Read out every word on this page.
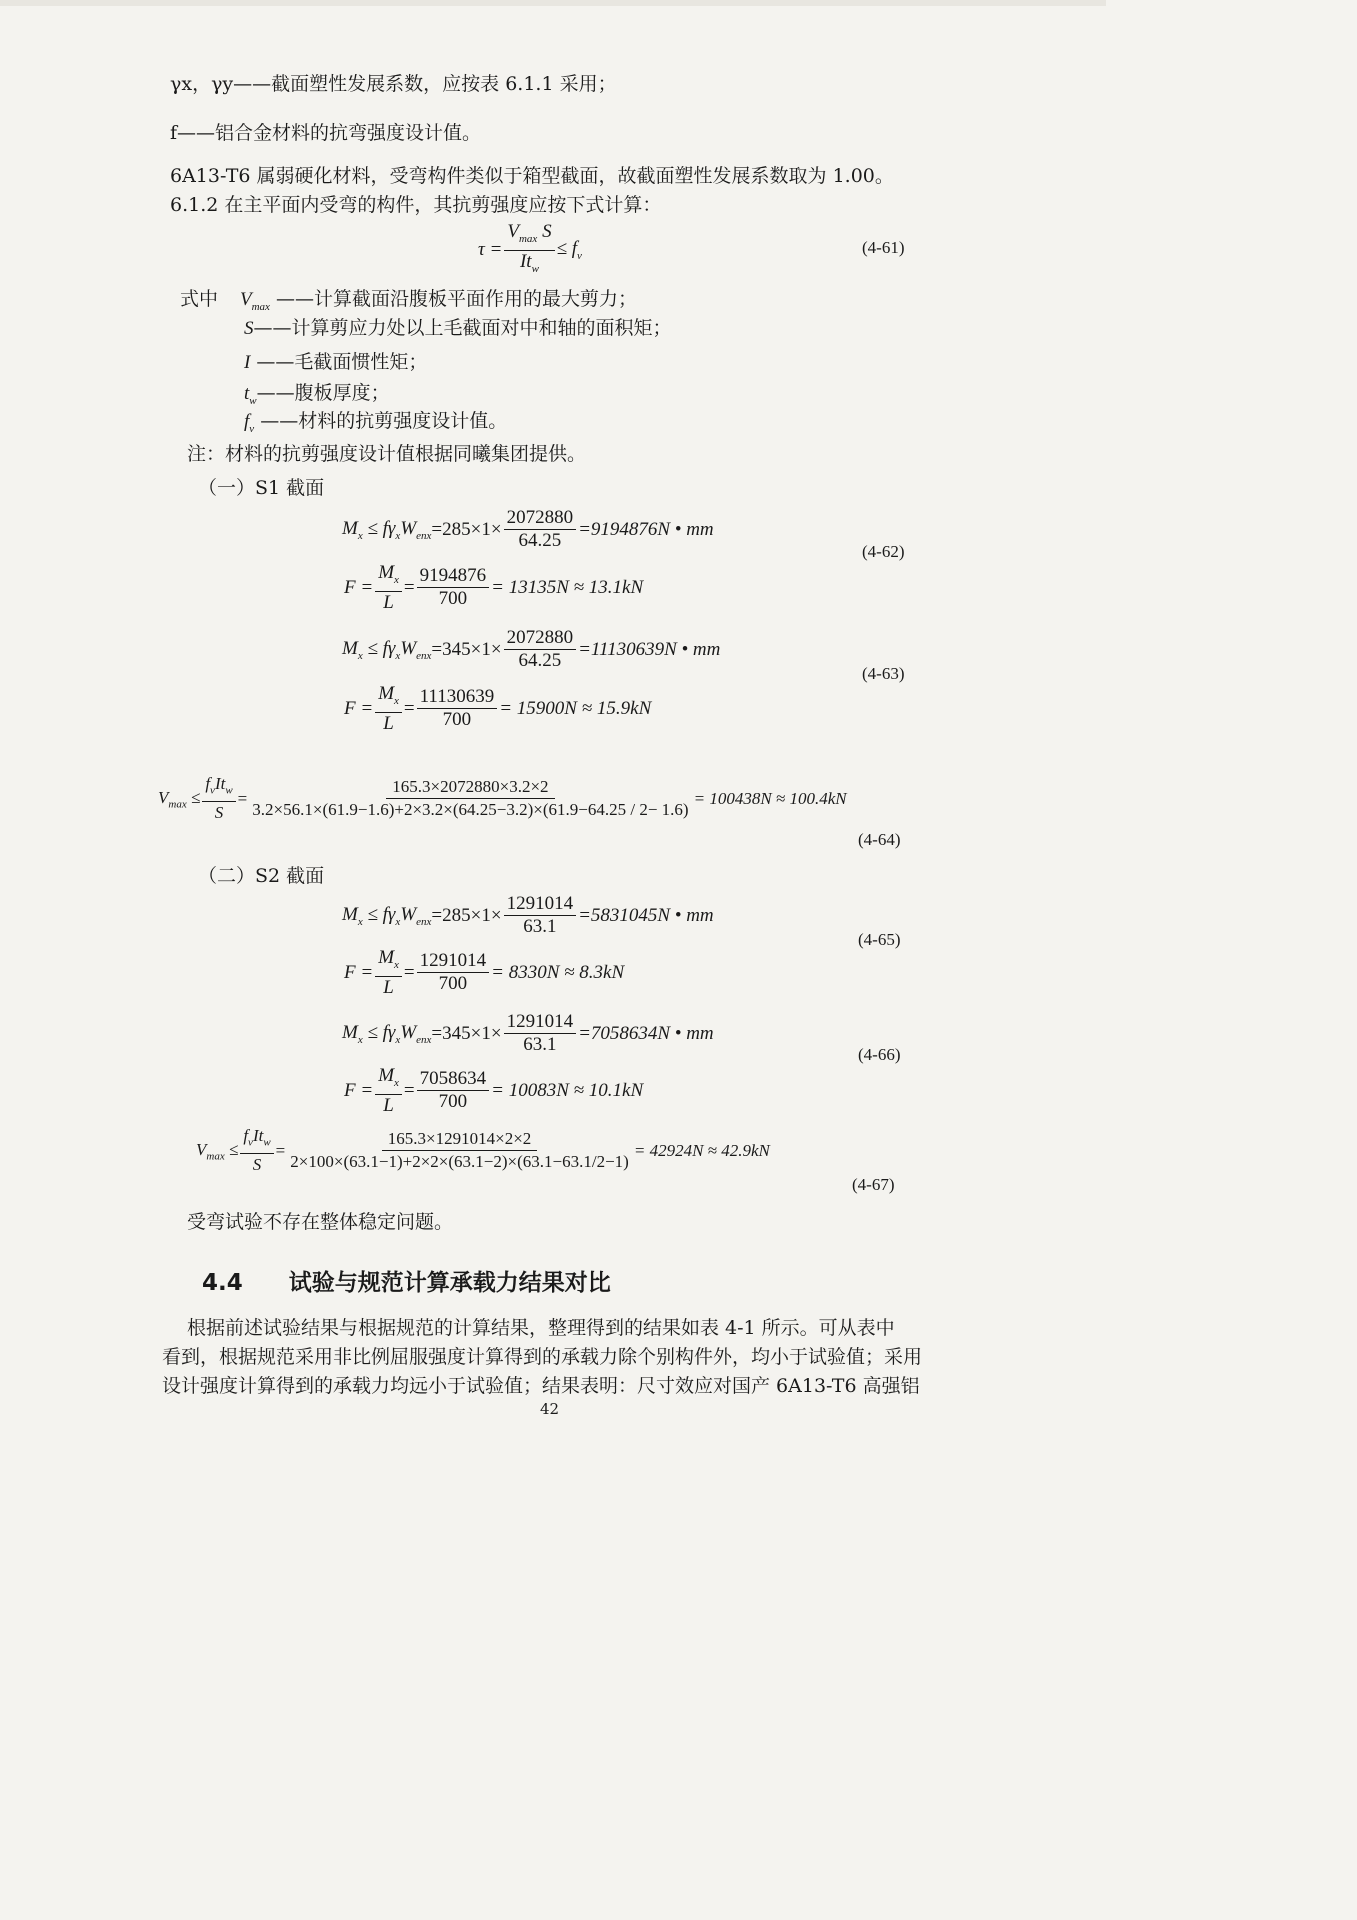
γx，γy——截面塑性发展系数，应按表 6.1.1 采用；
f——铝合金材料的抗弯强度设计值。
6A13-T6 属弱硬化材料，受弯构件类似于箱型截面，故截面塑性发展系数取为 1.00。
6.1.2 在主平面内受弯的构件，其抗剪强度应按下式计算：
$\tau = \frac{V_{max} S}{It_w} \le f_v$	(4-61)
式中 $V_{max}$ ——计算截面沿腹板平面作用的最大剪力；
S——计算剪应力处以上毛截面对中和轴的面积矩；
I ——毛截面惯性矩；
$t_w——$腹板厚度；
$f_v$ ——材料的抗剪强度设计值。
注：材料的抗剪强度设计值根据同曦集团提供。
（一）S1 截面
$M_x \le f\gamma_xW_{enx} =285\times 1\times \frac{2072880}{64.25} =9194876N$ • mm
$F = \frac{M_x}{L} = \frac{9194876}{700} = 13135N \approx 13.1kN$
(4-62)
$M_x \le f\gamma_xW_{enx} =345\times 1\times \frac{2072880}{64.25} =11130639N$ • mm
$F = \frac{M_x}{L} = \frac{11130639}{700} = 15900N \approx 15.9kN$
(4-63)
$V_{max} \le \frac{f_vIt_w}{S} = \frac{165.3\times 2072880\times 3.2\times 2}{3.2\times 56.1\times(61.9-1.6)+2\times 3.2\times(64.25-3.2)\times(61.9-64.25 / 2- 1.6)} = 100438N \approx 100.4kN$
(4-64)
（二）S2 截面
$M_x \le f\gamma_xW_{enx} =285\times 1\times \frac{1291014}{63.1} =5831045N$ • mm
$F = \frac{M_x}{L} = \frac{1291014}{700} = 8330N \approx 8.3kN$
(4-65)
$M_x \le f\gamma_xW_{enx} =345\times 1\times \frac{1291014}{63.1} =7058634N$ • mm
$F = \frac{M_x}{L} = \frac{7058634}{700} = 10083N \approx 10.1kN$
(4-66)
$V_{max} \le \frac{f_vIt_w}{S} = \frac{165.3\times 1291014\times 2\times 2}{2\times 100\times(63.1-1)+2\times 2\times(63.1-2)\times(63.1-63.1/2-1)} = 42924N \approx 42.9kN$
(4-67)
受弯试验不存在整体稳定问题。
4.4 试验与规范计算承载力结果对比
根据前述试验结果与根据规范的计算结果，整理得到的结果如表 4-1 所示。可从表中
看到，根据规范采用非比例屈服强度计算得到的承载力除个别构件外，均小于试验值；采用
设计强度计算得到的承载力均远小于试验值；结果表明：尺寸效应对国产 6A13-T6 高强铝
42
